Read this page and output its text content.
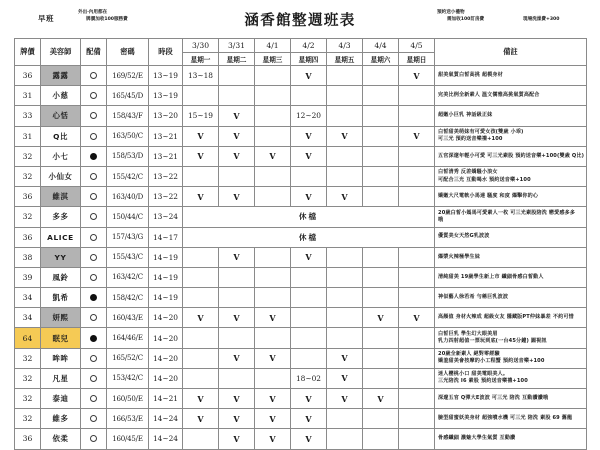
早班
外出‧內用都在
牌價加收100服務費	涵香館整週班表	預約送小禮物
需加收100訂房費	現場洗澡費+300
牌價	美容師	配備	密碼	時段	3/30	3/31	4/1	4/2	4/3	4/4	4/5	備註
					星期一	星期二	星期三	星期四	星期五	星期六	星期日	
36	露露		169/52/E	13~19	13~18			V			V	甜美氣質白皙高挑 超模身材
31	小慈		165/45/D	13~19								完美比例全新素人 溫文儒雅高挑氣質高配合
33	心恬		158/43/F	13~20	15~19	V		12~20				超嫩小巨乳 神話級正妹
31	Q比		163/50/C	13~21	V	V		V	V		V	白皙甜美萌妹有可愛女孩(雙歲 小乖)
可三光 預約送音樂禮+100

32	小七		158/53/D	13~21	V	V	V	V				五官深邃年輕小可愛 可三光素股 預約送音樂+100(雙歲 Q比)
32	小仙女		155/42/C	13~22								白皙清秀 反差嬌騷小浪女
可配合三光 互動喝水 預約送音樂+100

36	維淇		163/40/D	13~22	V	V		V	V			嬌嫩大尺電軟小馬達 騷度 和度 爆擊你的心
32	多多		150/44/C	13~24	休檔							20歲白皙小媽馬可愛素人一枚 可三光素股陪洗 戀愛感多多
哦

36	ALICE		157/43/G	14~17	休檔							優質美女天然G乳波波
38	YY		155/43/C	14~19		V		V				爆漿火辣極學生妹
39	風鈴		163/42/C	14~19								清純甜美 19歲學生新上市 纖細骨感白皙動人
34	凱希		158/42/C	14~19								神似藝人徐若希 勻稱巨乳波波
34	妍熙		160/43/E	14~20	V	V	V			V	V	高顏值 身材火辣成 超級女友 隱藏版PT仲妹暴差 不約可惜
64	眠兒		164/46/E	14~20								白皙巨乳 學生幻大眼美眉
乳力四射超值一票玩到底(一台45分鐘) 圓視訊

32	哞哞		165/52/C	14~20		V	V		V			20歲全新素人 絕對零經驗
嬌羞甜美會按摩的小工程蟹 預約送音樂+100

32	凡星		153/42/C	14~20				18~02	V			迷人櫻桃小口 甜美電眼美人。
三光陪洗 I6 素股 預約送音樂禮+100

32	泰迪		160/50/E	14~21	V	V	V	V	V	V		深邃五官 Q彈大E波波 可三光 陪洗 互動讚讚哦
32	維多		166/53/E	14~24	V	V	V	V				臉型甜蜜妖美身材 超強噴水機 可三光 陪洗 素股 69 舊龍
36	依柔		160/45/E	14~24		V	V	V				骨感纖細 濃魅大學生氣質 互動讚
